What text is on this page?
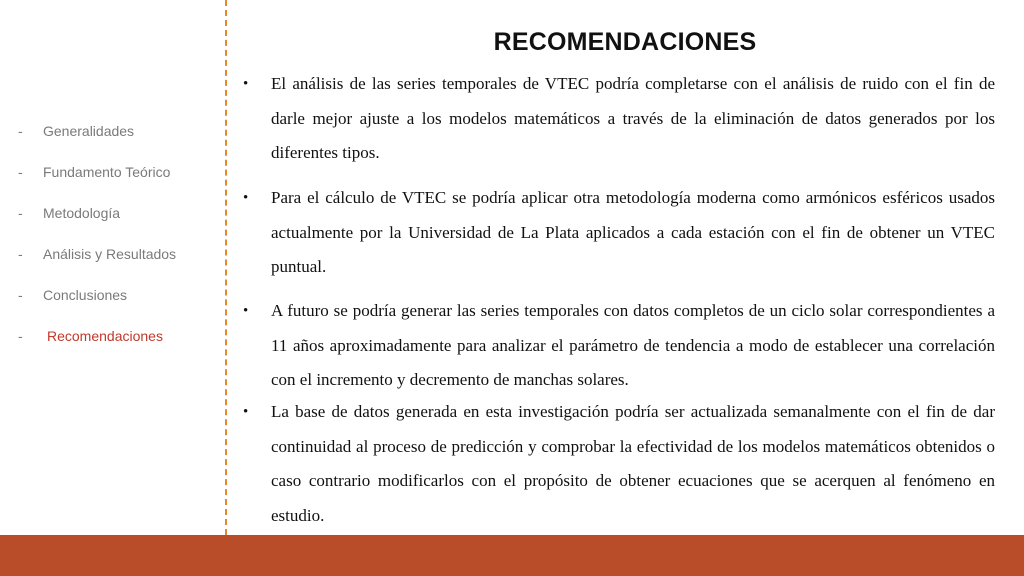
- Generalidades
- Fundamento Teórico
- Metodología
- Análisis y Resultados
- Conclusiones
- Recomendaciones
RECOMENDACIONES
• El análisis de las series temporales de VTEC podría completarse con el análisis de ruido con el fin de darle mejor ajuste a los modelos matemáticos a través de la eliminación de datos generados por los diferentes tipos.
• Para el cálculo de VTEC se podría aplicar otra metodología moderna como armónicos esféricos usados actualmente por la Universidad de La Plata aplicados a cada estación con el fin de obtener un VTEC puntual.
• A futuro se podría generar las series temporales con datos completos de un ciclo solar correspondientes a 11 años aproximadamente para analizar el parámetro de tendencia a modo de establecer una correlación con el incremento y decremento de manchas solares.
• La base de datos generada en esta investigación podría ser actualizada semanalmente con el fin de dar continuidad al proceso de predicción y comprobar la efectividad de los modelos matemáticos obtenidos o caso contrario modificarlos con el propósito de obtener ecuaciones que se acerquen al fenómeno en estudio.
